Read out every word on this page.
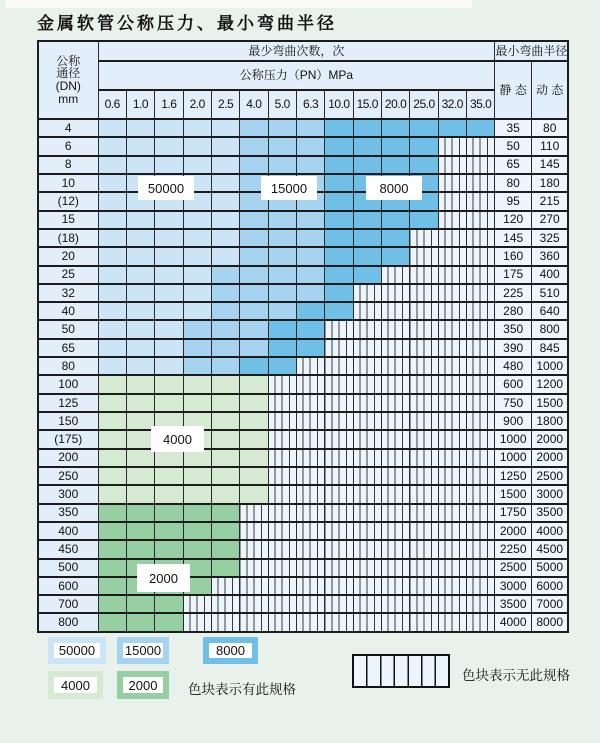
金属软管公称压力、最小弯曲半径
公称
通径
(DN)
mm	最少弯曲次数，次														最小弯曲半径	
	公称压力（PN）MPa														静 态	动 态
	0.6	1.0	1.6	2.0	2.5	4.0	5.0	6.3	10.0	15.0	20.0	25.0	32.0	35.0		
4															35	80
6															50	110
8															65	145
10															80	180
(12)															95	215
15															120	270
(18)															145	325
20															160	360
25															175	400
32															225	510
40															280	640
50															350	800
65															390	845
80															480	1000
100															600	1200
125															750	1500
150															900	1800
(175)															1000	2000
200															1000	2000
250															1250	2500
300															1500	3000
350															1750	3500
400															2000	4000
450															2250	4500
500															2500	5000
600															3000	6000
700															3500	7000
800															4000	8000
50000	15000	8000
4000
2000
50000 15000	8000
4000	2000 色块表示有此规格
色块表示无此规格
